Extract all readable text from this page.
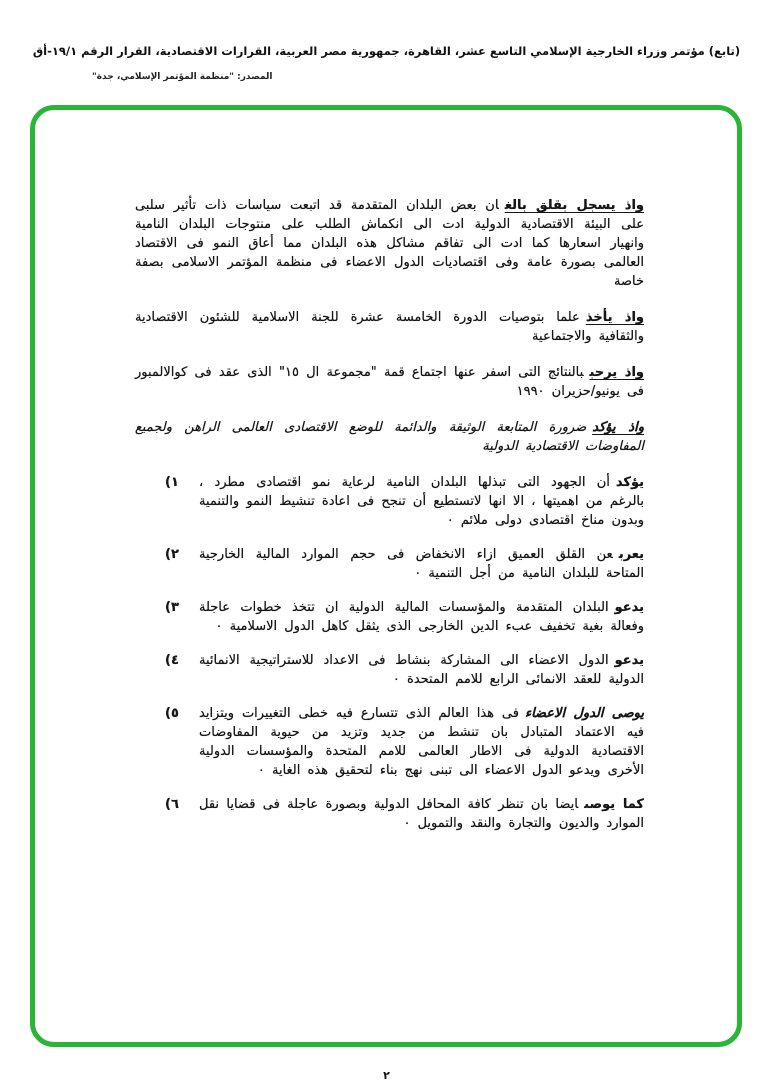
(تابع) مؤتمر وزراء الخارجية الإسلامي التاسع عشر، القاهرة، جمهورية مصر العربية، القرارات الاقتصادية، القرار الرقم ١٩/١-أق
المصدر: "منظمة المؤتمر الإسلامي، جدة"

واذ يسجل بقلق بالغان بعض البلدان المتقدمة قد اتبعت سياسات ذات تأثير سلبى على البيئة الاقتصادية الدولية ادت الى انكماش الطلب على منتوجات البلدان النامية وانهيار اسعارها كما ادت الى تفاقم مشاكل هذه البلدان مما أعاق النمو فى الاقتصاد العالمى بصورة عامة وفى اقتصاديات الدول الاعضاء فى منظمة المؤتمر الاسلامى بصفة خاصة

واذ يأخذعلما بتوصيات الدورة الخامسة عشرة للجنة الاسلامية للشئون الاقتصادية والثقافية والاجتماعية

واذ يرحببالنتائج التى اسفر عنها اجتماع قمة "مجموعة ال ١٥" الذى عقد فى كوالالمبور فى يونيو/حزيران ١٩٩٠

واذ يؤكدضرورة المتابعة الوثيقة والدائمة للوضع الاقتصادى العالمى الراهن ولجميع المفاوضات الاقتصادية الدولية

١)	يؤكدأن الجهود التى تبذلها البلدان النامية لرعاية نمو اقتصادى مطرد ، بالرغم من اهميتها ، الا انها لاتستطيع أن تنجح فى اعادة تنشيط النمو والتنمية وبدون مناخ اقتصادى دولى ملائم ٠
٢)	يعربعن القلق العميق ازاء الانخفاض فى حجم الموارد المالية الخارجية المتاحة للبلدان النامية من أجل التنمية ٠
٣)	يدعوالبلدان المتقدمة والمؤسسات المالية الدولية ان تتخذ خطوات عاجلة وفعالة بغية تخفيف عبء الدين الخارجى الذى يثقل كاهل الدول الاسلامية ٠
٤)	يدعوالدول الاعضاء الى المشاركة بنشاط فى الاعداد للاستراتيجية الانمائية الدولية للعقد الانمائى الرابع للامم المتحدة ٠
٥)	يوصى الدول الاعضاءفى هذا العالم الذى تتسارع فيه خطى التغييرات ويتزايد فيه الاعتماد المتبادل بان تنشط من جديد وتزيد من حيوية المفاوضات الاقتصادية الدولية فى الاطار العالمى للامم المتحدة والمؤسسات الدولية الأخرى ويدعو الدول الاعضاء الى تبنى نهج بناء لتحقيق هذه الغاية ٠
٦)	كما يوصىايضا بان تنظر كافة المحافل الدولية وبصورة عاجلة فى قضايا نقل الموارد والديون والتجارة والنقد والتمويل ٠
٢
